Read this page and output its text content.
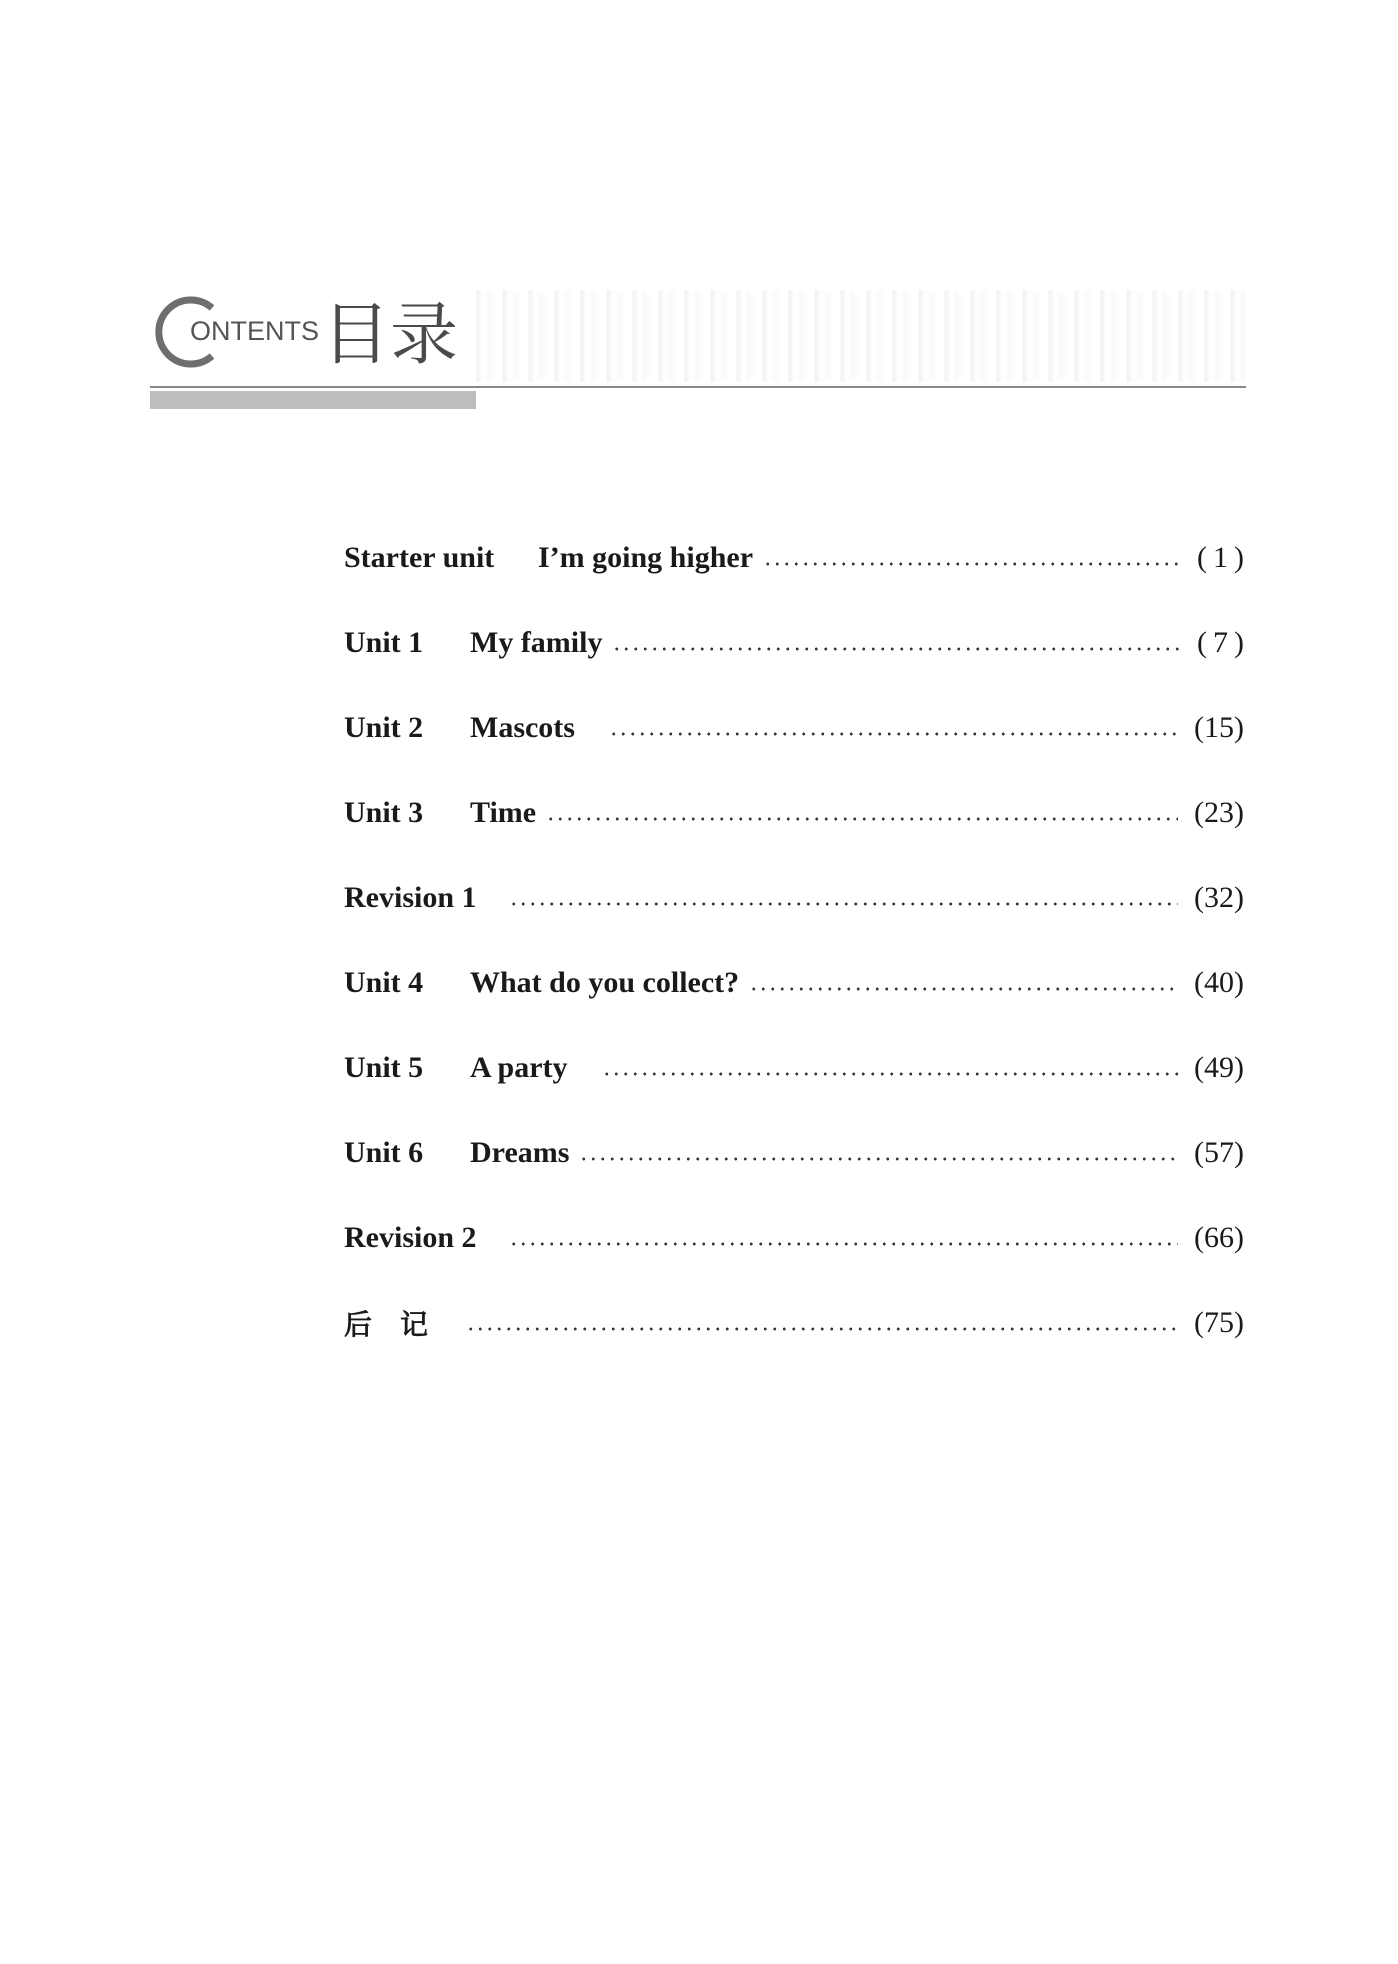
ONTENTS 目录
Starter unit	I’m going higher	(  1  )
Unit 1	My family	(  7  )
Unit 2	Mascots	(15)
Unit 3	Time	(23)
Revision 1	(32)
Unit 4	What do you collect?	(40)
Unit 5	A party	(49)
Unit 6	Dreams	(57)
Revision 2	(66)
后记	(75)
